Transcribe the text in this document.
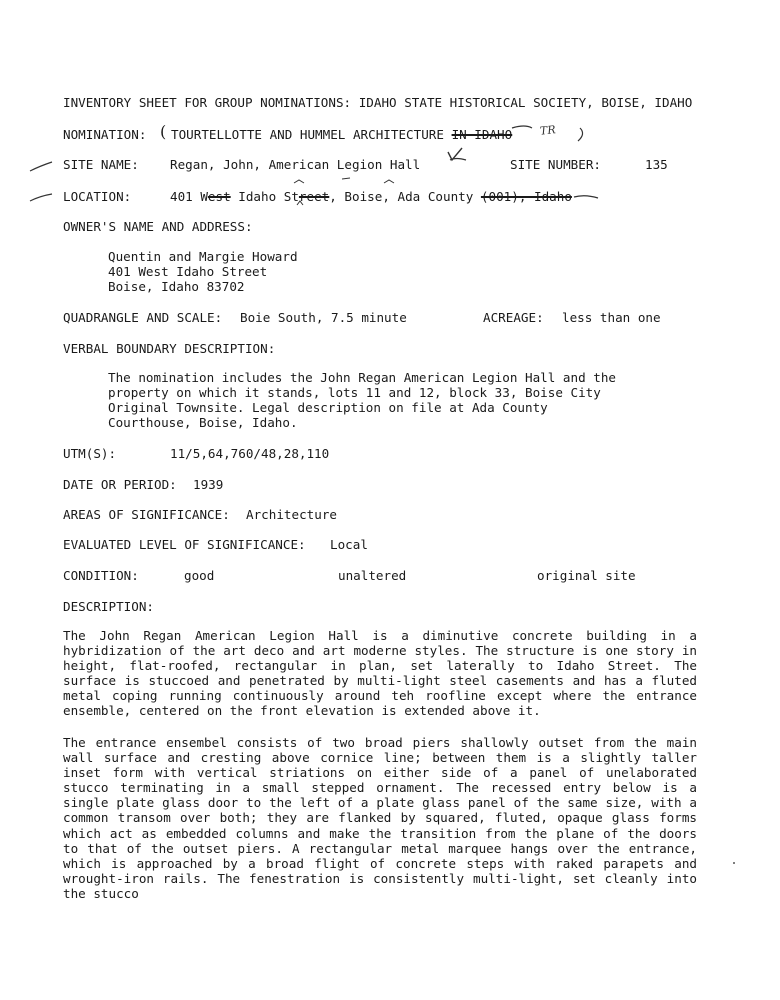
INVENTORY SHEET FOR GROUP NOMINATIONS: IDAHO STATE HISTORICAL SOCIETY, BOISE, IDAHO
NOMINATION: ( TOURTELLOTTE AND HUMMEL ARCHITECTURE IN IDAHO TR
SITE NAME: Regan, John, American Legion Hall	SITE NUMBER:	135
LOCATION:	401 West Idaho Street, Boise, Ada County (001), Idaho
OWNER'S NAME AND ADDRESS:
Quentin and Margie Howard
401 West Idaho Street
Boise, Idaho 83702
QUADRANGLE AND SCALE: Boie South, 7.5 minute	ACREAGE: less than one
VERBAL BOUNDARY DESCRIPTION:
The nomination includes the John Regan American Legion Hall and the property on which it stands, lots 11 and 12, block 33, Boise City Original Townsite. Legal description on file at Ada County Courthouse, Boise, Idaho.
UTM(S):	11/5,64,760/48,28,110
DATE OR PERIOD: 1939
AREAS OF SIGNIFICANCE: Architecture
EVALUATED LEVEL OF SIGNIFICANCE: Local
CONDITION:	good	unaltered	original site
DESCRIPTION:
The John Regan American Legion Hall is a diminutive concrete building in a hybridization of the art deco and art moderne styles. The structure is one story in height, flat-roofed, rectangular in plan, set laterally to Idaho Street. The surface is stuccoed and penetrated by multi-light steel casements and has a fluted metal coping running continuously around teh roofline except where the entrance ensemble, centered on the front elevation is extended above it.
The entrance ensembel consists of two broad piers shallowly outset from the main wall surface and cresting above cornice line; between them is a slightly taller inset form with vertical striations on either side of a panel of unelaborated stucco terminating in a small stepped ornament. The recessed entry below is a single plate glass door to the left of a plate glass panel of the same size, with a common transom over both; they are flanked by squared, fluted, opaque glass forms which act as embedded columns and make the transition from the plane of the doors to that of the outset piers. A rectangular metal marquee hangs over the entrance, which is approached by a broad flight of concrete steps with raked parapets and wrought-iron rails. The fenestration is consistently multi-light, set cleanly into the stucco
